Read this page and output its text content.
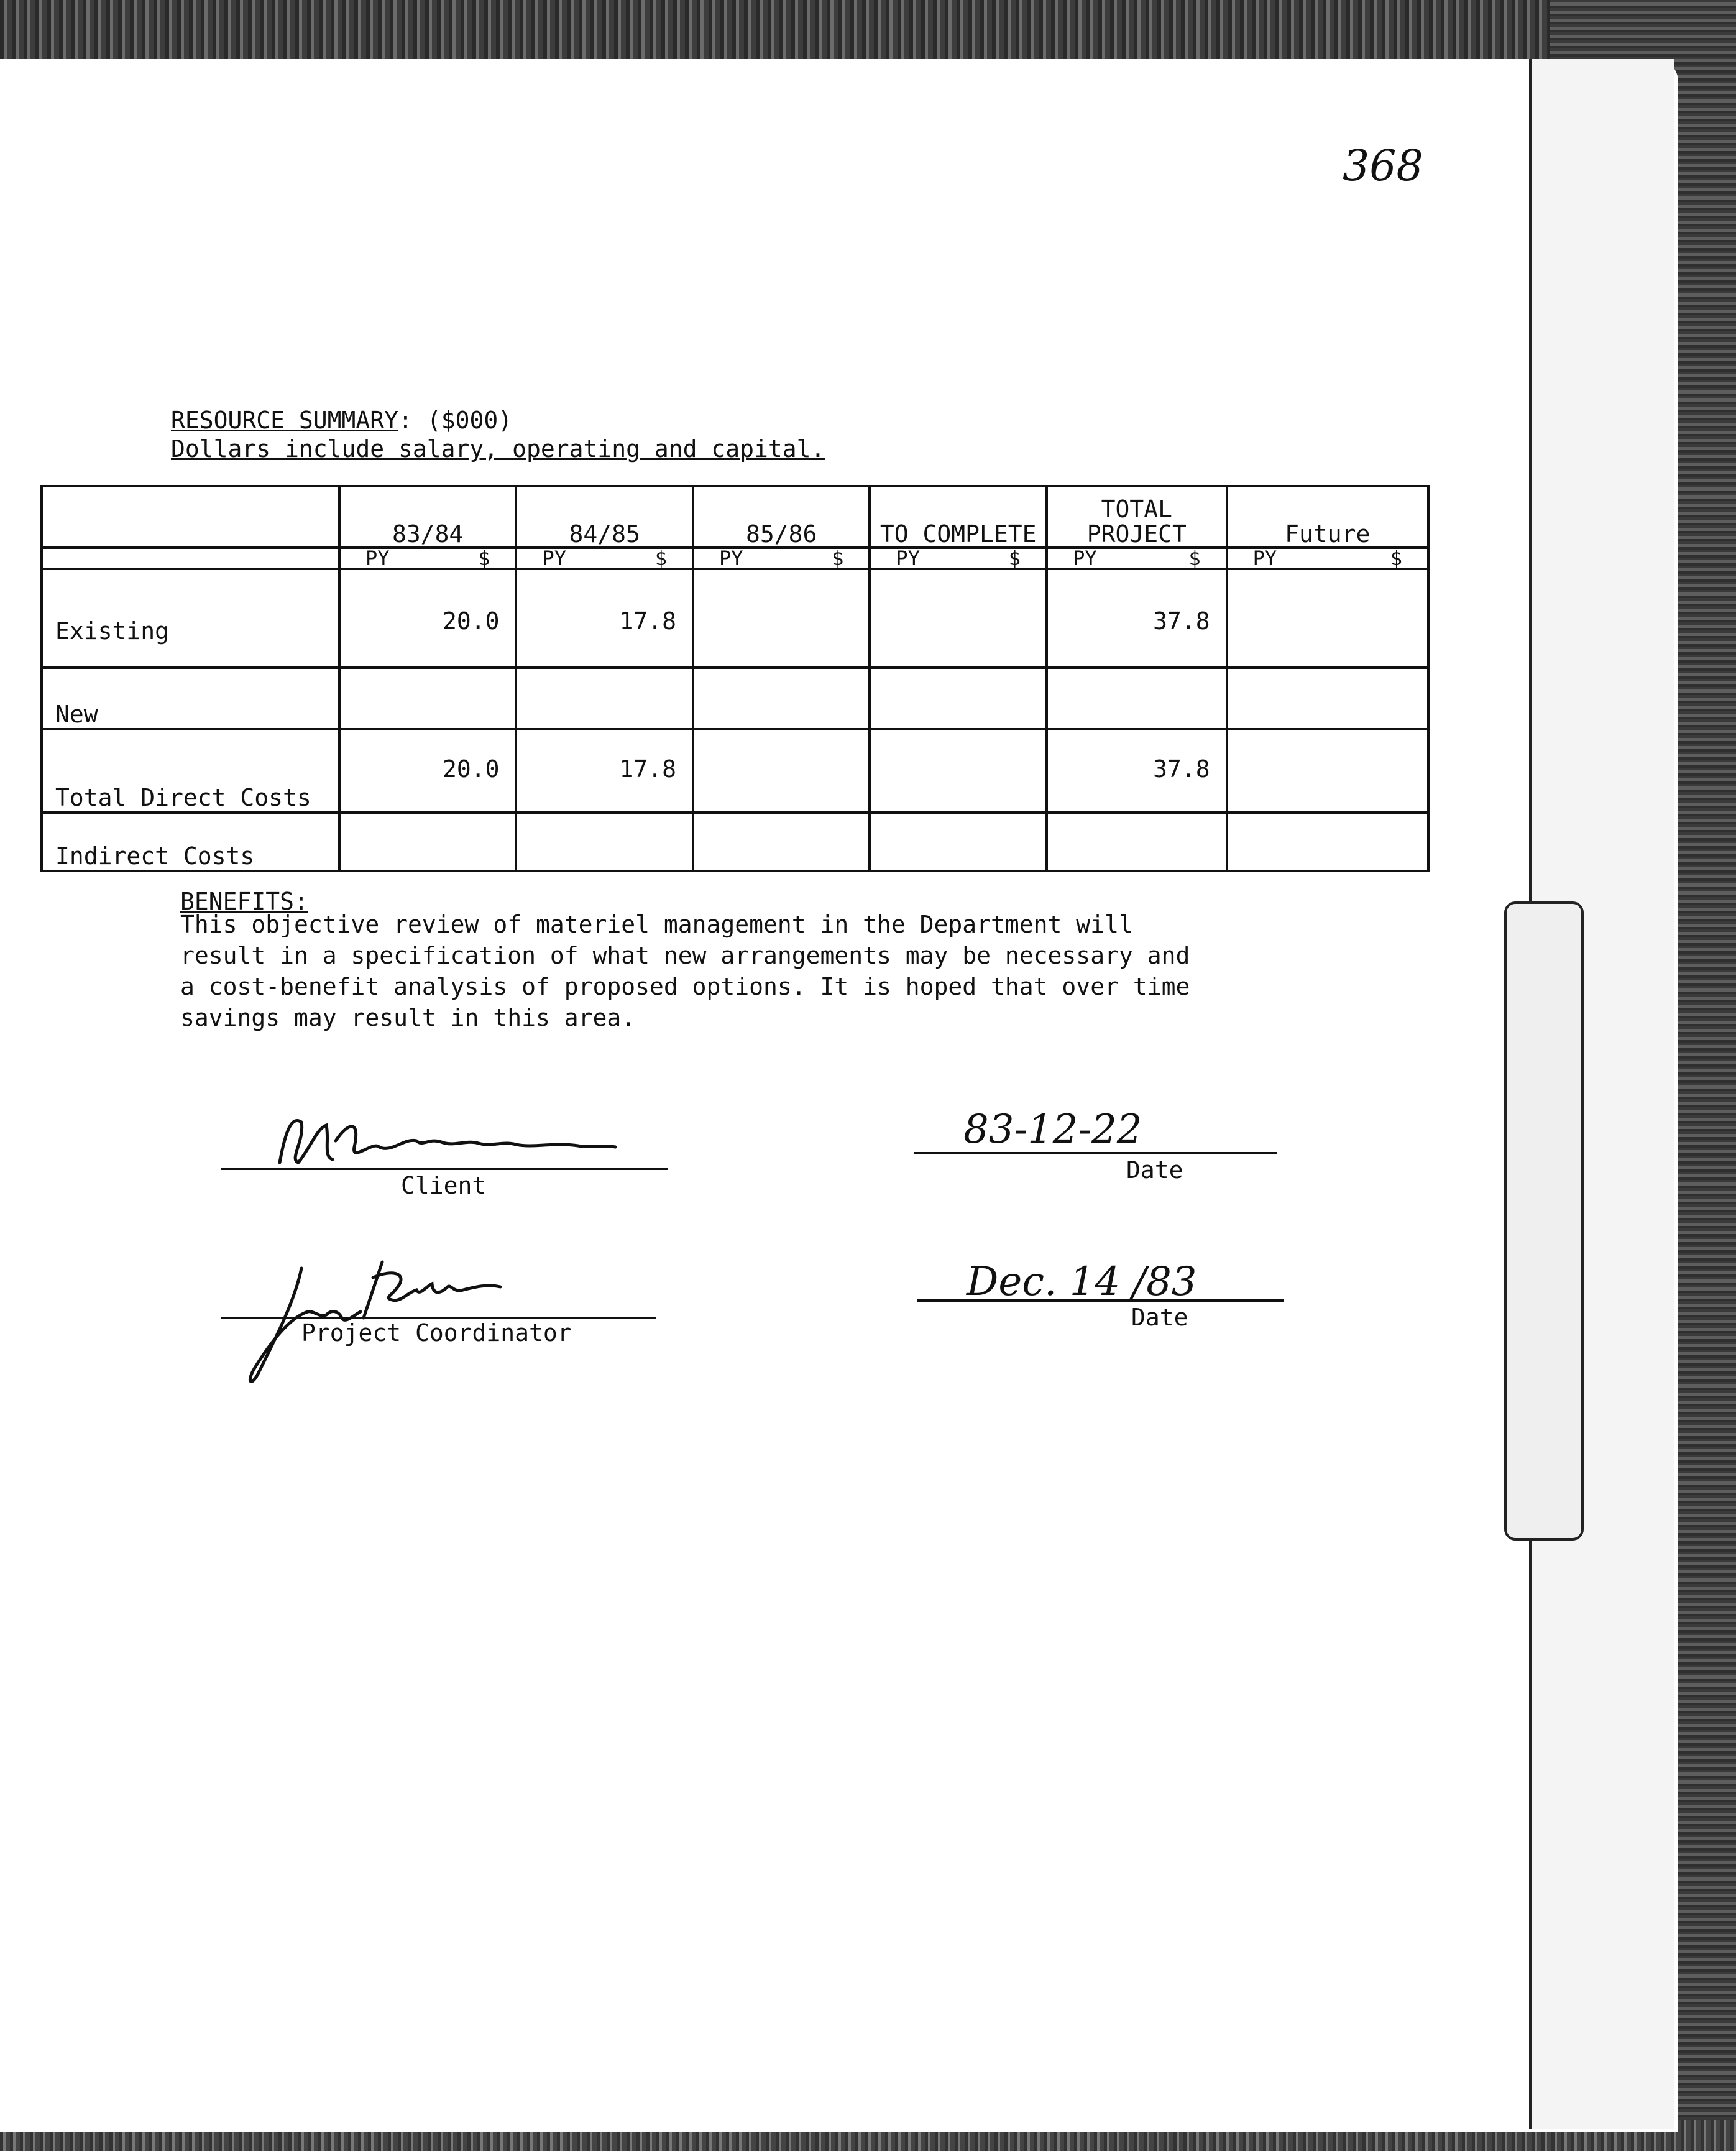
368
RESOURCE SUMMARY: ($000)
Dollars include salary, operating and capital.
	83/84	84/85	85/86	TO COMPLETE	TOTAL PROJECT	Future

	PY $	PY $	PY $	PY $	PY $	PY $

Existing	20.0	17.8			37.8	
New						
Total Direct Costs	20.0	17.8			37.8	
Indirect Costs						
BENEFITS:
This objective review of materiel management in the Department will
result in a specification of what new arrangements may be necessary and
a cost-benefit analysis of proposed options. It is hoped that over time
savings may result in this area.
Client
83-12-22
Date
Project Coordinator
Dec. 14 /83
Date
